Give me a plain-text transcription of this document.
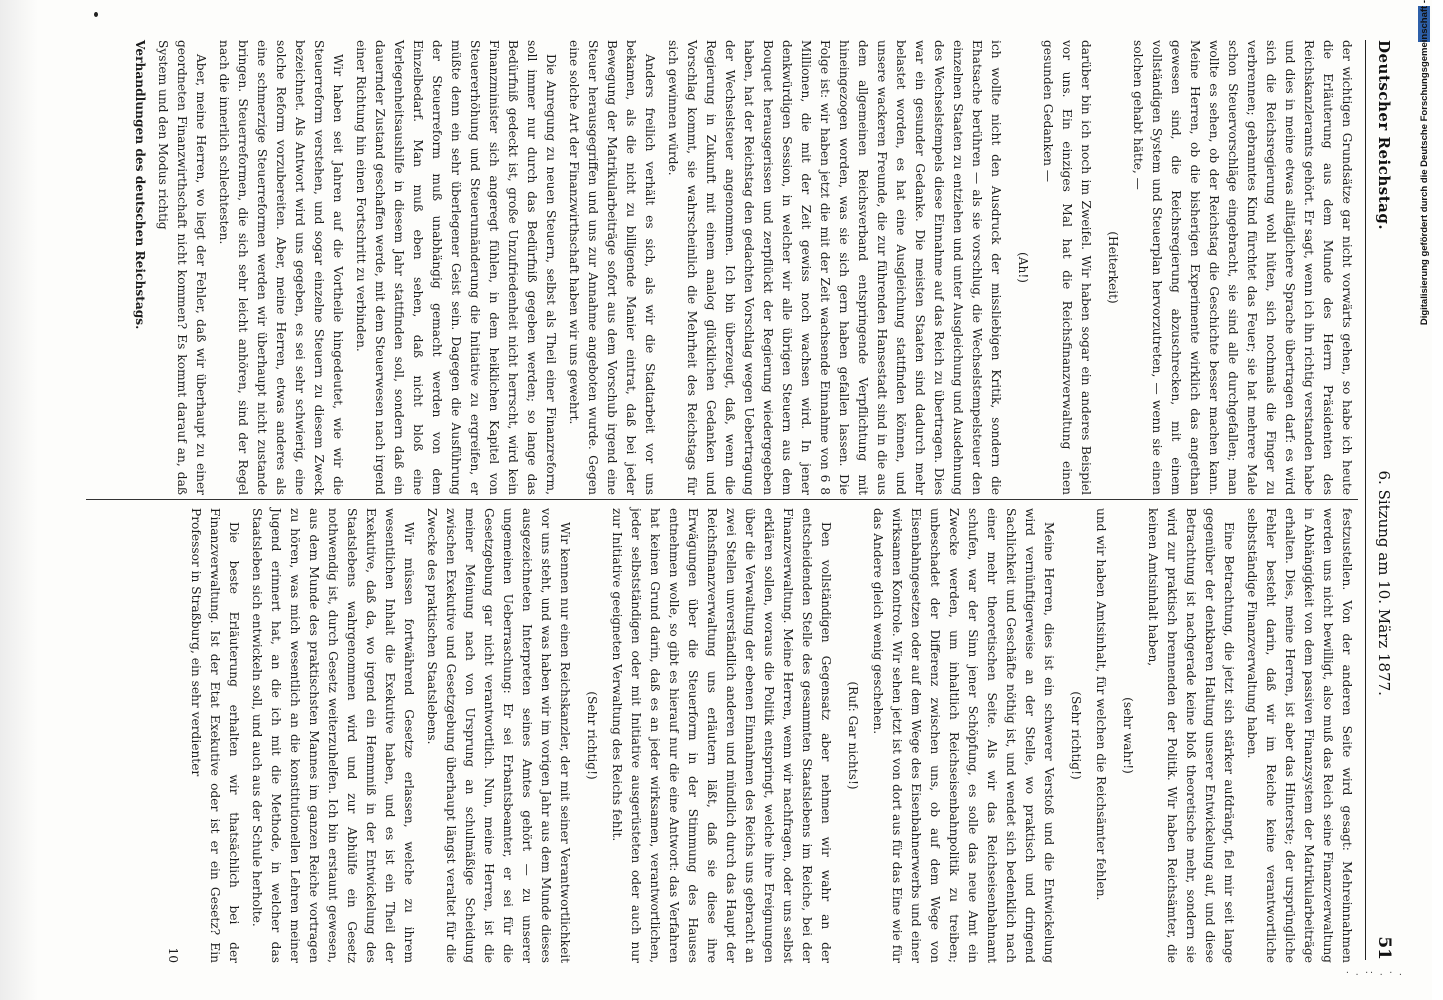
Deutscher Reichstag.
6. Sitzung am 10. März 1877.
51

der wichtigen Grundsätze gar nicht vorwärts gehen, so habe ich heute die Erläuterung aus dem Munde des Herrn Präsidenten des Reichskanzleramts gehört. Er sagt, wenn ich ihn richtig verstanden habe und dies in meine etwas alltäglichere Sprache übertragen darf: es wird sich die Reichsregierung wohl hüten, sich nochmals die Finger zu verbrennen; gebranntes Kind fürchtet das Feuer; sie hat mehrere Male schon Steuervorschläge eingebracht, sie sind alle durchgefallen; man wollte es sehen, ob der Reichstag die Geschichte besser machen kann. Meine Herren, ob die bisherigen Experimente wirklich das angethan gewesen sind, die Reichsregierung abzuschrecken, mit einem vollständigen System und Steuerplan hervorzutreten, — wenn sie einen solchen gehabt hätte, —

(Heiterkeit)

darüber bin ich noch im Zweifel. Wir haben sogar ein anderes Beispiel vor uns. Ein einziges Mal hat die Reichsfinanzverwaltung einen gesunden Gedanken —

(Ah!)

ich wollte nicht den Ausdruck der missliebigen Kritik, sondern die Ehatsache berühren — als sie vorschlug, die Wechselstempelsteuer den einzelnen Staaten zu entziehen und unter Ausgleichung und Ausdehnung des Wechselstempels diese Einnahme auf das Reich zu übertragen. Dies war ein gesunder Gedanke. Die meisten Staaten sind dadurch mehr belastet worden, es hat eine Ausgleichung stattfinden können, und unsere wackeren Freunde, die zur führenden Hansestadt sind in die aus dem allgemeinen Reichsverband entspringende Verpflichtung mit hineingezogen worden, was sie sich gern haben gefallen lassen. Die Folge ist: wir haben jetzt die mit der Zeit wachsende Einnahme von 6 8 Millionen, die mit der Zeit gewiss noch wachsen wird. In jener denkwürdigen Session, in welcher wir alle übrigen Steuern aus dem Bouquet herausgerissen und zerpflückt der Regierung wiedergegeben haben, hat der Reichstag den gedachten Vorschlag wegen Uebertragung der Wechselsteuer angenommen. Ich bin überzeugt, daß, wenn die Regierung in Zukunft mit einem analog glücklichen Gedanken und Vorschlag kommt, sie wahrscheinlich die Mehrheit des Reichstags für sich gewinnen würde.

Anders freilich verhält es sich, als wir die Stadtarbeit vor uns bekamen, als die nicht zu billigende Manier eintrat, daß bei jeder Bewegung der Matrikularbeiträge sofort aus dem Vorschub irgend eine Steuer herausgegriffen und uns zur Annahme angeboten wurde. Gegen eine solche Art der Finanzwirthschaft haben wir uns gewehrt.

Die Anregung zu neuen Steuern, selbst als Theil einer Finanzreform, soll immer nur durch das Bedürfniß gegeben werden; so lange das Bedürfniß gedeckt ist, große Unzufriedenheit nicht herrscht, wird kein Finanzminister sich angeregt fühlen, in dem heiklichen Kapitel von Steuererhöhung und Steuerumänderung die Initiative zu ergreifen, er müßte denn ein sehr überlegener Geist sein. Dagegen die Ausführung der Steuerreform muß unabhängig gemacht werden von dem Einzelbedarf. Man muß eben sehen, daß nicht bloß eine Verlegenheitsaushilfe in diesem Jahr stattfinden soll, sondern daß ein dauernder Zustand geschaffen werde, mit dem Steuerwesen nach irgend einer Richtung hin einen Fortschritt zu verbinden.

Wir haben seit Jahren auf die Vortheile hingedeutet, wie wir die Steuerreform verstehen, und sogar einzelne Steuern zu diesem Zweck bezeichnet. Als Antwort wird uns gegeben, es sei sehr schwierig, eine solche Reform vorzubereiten. Aber, meine Herren, etwas anderes als eine schmerzige Steuerreformen werden wir überhaupt nicht zustande bringen. Steuerreformen, die sich sehr leicht anhören, sind der Regel nach die innerlich schlechtesten.

Aber, meine Herren, wo liegt der Fehler, daß wir überhaupt zu einer geordneten Finanzwirthschaft nicht kommen? Es kommt darauf an, daß System und den Modus richtig

Verhandlungen des deutschen Reichstags.

festzustellen. Von der anderen Seite wird gesagt: Mehreinnahmen werden uns nicht bewilligt, also muß das Reich seine Finanzverwaltung in Abhängigkeit von dem passiven Finanzsystem der Matrikularbeiträge erhalten. Dies, meine Herren, ist aber das Hinterste; der ursprüngliche Fehler besteht darin, daß wir im Reiche keine verantwortliche selbstständige Finanzverwaltung haben.

Eine Betrachtung, die jetzt sich stärker aufdrängt, fiel mir seit lange gegenüber der denkbaren Haltung unserer Entwickelung auf, und diese Betrachtung ist nachgerade keine bloß theoretische mehr, sondern sie wird zur praktisch brennenden der Politik. Wir haben Reichsämter, die keinen Amtsinhalt haben,

(sehr wahr!)

und wir haben Amtsinhalt, für welchen die Reichsämter fehlen.

(Sehr richtig!)

Meine Herren, dies ist ein schwerer Verstoß und die Entwickelung wird vernünftigerweise an der Stelle, wo praktisch und dringend Sachlichkeit und Geschäfte nöthig ist, und wendet sich bedenklich nach einer mehr theoretischen Seite. Als wir das Reichseisenbahnamt schufen, war der Sinn jener Schöpfung, es solle das neue Amt ein Zwecke werden, um inhaltlich Reichseisenbahnpolitik zu treiben; unbeschadet der Differenz zwischen uns, ob auf dem Wege von Eisenbahngesetzen oder auf dem Wege des Eisenbahnerwerbs und einer wirksamen Kontrole. Wir sehen jetzt ist von dort aus für das Eine wie für das Andere gleich wenig geschehen.

(Ruf: Gar nichts!)

Den vollständigen Gegensatz aber nehmen wir wahr an der entscheidenden Stelle des gesammten Staatslebens im Reiche, bei der Finanzverwaltung. Meine Herren, wenn wir nachfragen, oder uns selbst erklären sollen, woraus die Politik entspringt, welche ihre Ereignungen über die Verwaltung der ebenen Einnahmen des Reichs uns gebracht an zwei Stellen unverständlich anderen und mündlich durch das Haupt der Reichsfinanzverwaltung uns erläutern läßt, daß sie diese ihre Erwägungen über die Steuerform in der Stimmung des Hauses entnehmen wolle, so gibt es hierauf nur die eine Antwort: das Verfahren hat keinen Grund darin, daß es an jeder wirksamen, verantwortlichen, jeder selbstständigen oder mit Initiative ausgerüsteten oder auch nur zur Initiative geeigneten Verwaltung des Reichs fehlt.

(Sehr richtig!)

Wir kennen nur einen Reichskanzler, der mit seiner Verantwortlichkeit vor uns steht, und was haben wir im vorigen Jahr aus dem Munde dieses ausgezeichneten Interpreten seines Amtes gehört — zu unserer ungemeinen Ueberraschung: Er sei Erbantsbeamter, er sei für die Gesetzgebung gar nicht verantwortlich. Nun, meine Herren, ist die meiner Meinung nach von Ursprung an schulmäßige Scheidung zwischen Exekutive und Gesetzgebung überhaupt längst veraltet für die Zwecke des praktischen Staatslebens.

Wir müssen fortwährend Gesetze erlassen, welche zu ihrem wesentlichen Inhalt die Exekutive haben, und es ist ein Theil der Exekutive, daß da, wo irgend ein Hemmniß in der Entwickelung des Staatslebens wahrgenommen wird und zur Abhülfe ein Gesetz nothwendig ist, durch Gesetz weiterzuhelfen. Ich bin erstaunt gewesen, aus dem Munde des praktischsten Mannes im ganzen Reiche vortragen zu hören, was mich wesentlich an die konstitutionellen Lehren meiner Jugend erinnert hat, an die ich mit die Methode, in welcher das Staatsleben sich entwickeln soll, und auch aus der Schule herholte.

Die beste Erläuterung erhalten wir thatsächlich bei der Finanzverwaltung. Ist der Etat Exekutive oder ist er ein Gesetz? Ein Professor in Straßburg, ein sehr verdienter

10

DFG
Digitalisierung gefördert durch die Deutsche Forschungsgemeinschaft -
· . ·· . · .
